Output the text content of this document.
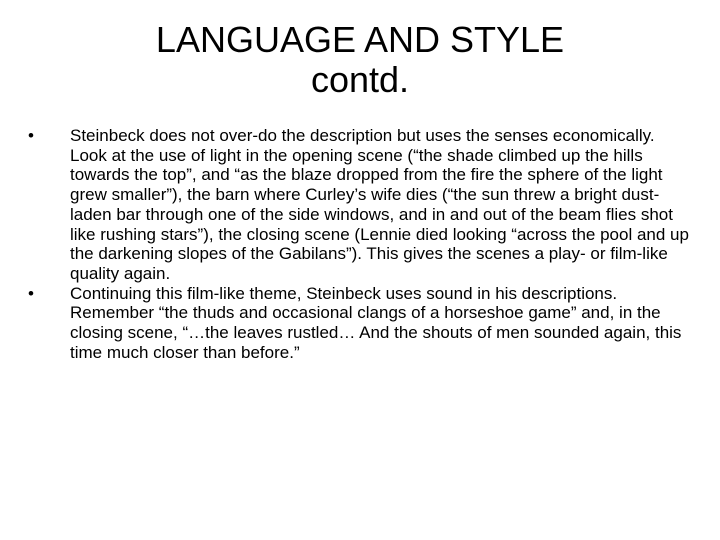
LANGUAGE AND STYLE
contd.
•	Steinbeck does not over-do the description but uses the senses economically. Look at the use of light in the opening scene (“the shade climbed up the hills towards the top”, and “as the blaze dropped from the fire the sphere of the light grew smaller”), the barn where Curley’s wife dies (“the sun threw a bright dust-laden bar through one of the side windows, and in and out of the beam flies shot like rushing stars”), the closing scene (Lennie died looking “across the pool and up the darkening slopes of the Gabilans”). This gives the scenes a play- or film-like quality again.
•	Continuing this film-like theme, Steinbeck uses sound in his descriptions. Remember “the thuds and occasional clangs of a horseshoe game” and, in the closing scene, “…the leaves rustled… And the shouts of men sounded again, this time much closer than before.”
